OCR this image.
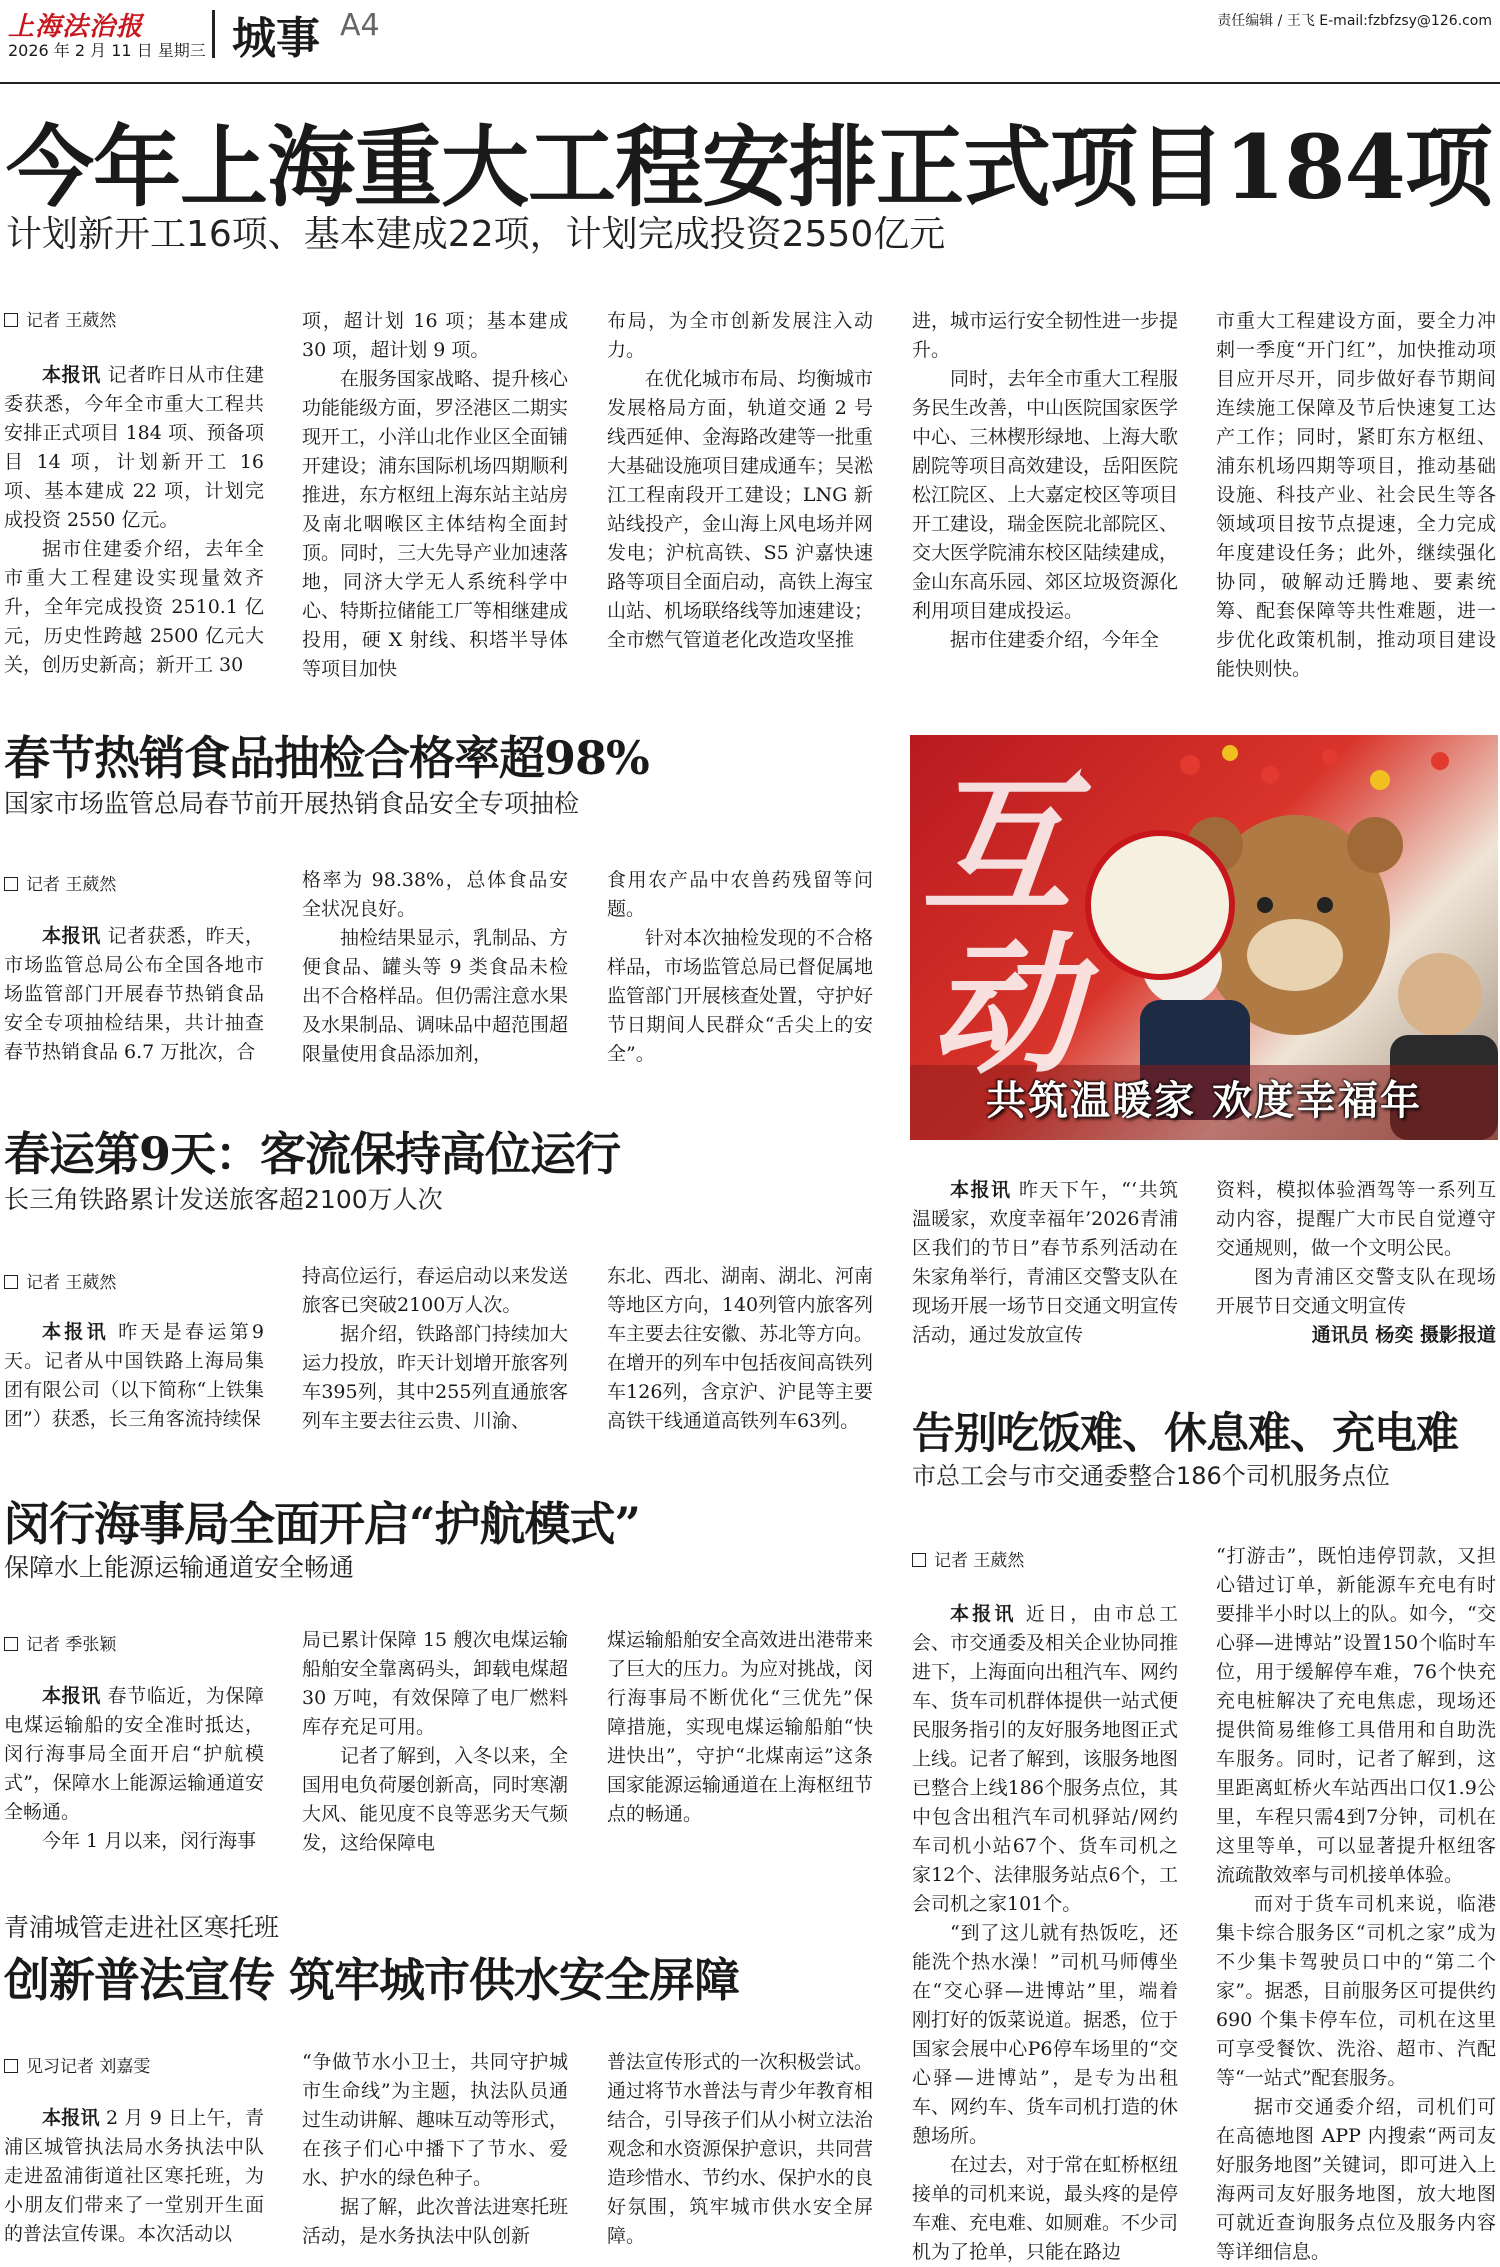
上海法治报
2026 年 2 月 11 日 星期三 城事 A4	责任编辑 / 王飞 E-mail:fzbfzsy@126.com
今年上海重大工程安排正式项目184项
计划新开工16项、基本建成22项，计划完成投资2550亿元
记者 王葳然

本报讯 记者昨日从市住建委获悉，今年全市重大工程共安排正式项目 184 项、预备项目 14 项，计划新开工 16 项、基本建成 22 项，计划完成投资 2550 亿元。

据市住建委介绍，去年全市重大工程建设实现量效齐升，全年完成投资 2510.1 亿元，历史性跨越 2500 亿元大关，创历史新高；新开工 30

项，超计划 16 项；基本建成 30 项，超计划 9 项。

在服务国家战略、提升核心功能能级方面，罗泾港区二期实现开工，小洋山北作业区全面铺开建设；浦东国际机场四期顺利推进，东方枢纽上海东站主站房及南北咽喉区主体结构全面封顶。同时，三大先导产业加速落地，同济大学无人系统科学中心、特斯拉储能工厂等相继建成投用，硬 X 射线、积塔半导体等项目加快

布局，为全市创新发展注入动力。

在优化城市布局、均衡城市发展格局方面，轨道交通 2 号线西延伸、金海路改建等一批重大基础设施项目建成通车；吴淞江工程南段开工建设；LNG 新站线投产，金山海上风电场并网发电；沪杭高铁、S5 沪嘉快速路等项目全面启动，高铁上海宝山站、机场联络线等加速建设；全市燃气管道老化改造攻坚推

进，城市运行安全韧性进一步提升。

同时，去年全市重大工程服务民生改善，中山医院国家医学中心、三林楔形绿地、上海大歌剧院等项目高效建设，岳阳医院松江院区、上大嘉定校区等项目开工建设，瑞金医院北部院区、交大医学院浦东校区陆续建成，金山东高乐园、郊区垃圾资源化利用项目建成投运。

据市住建委介绍，今年全

市重大工程建设方面，要全力冲刺一季度“开门红”，加快推动项目应开尽开，同步做好春节期间连续施工保障及节后快速复工达产工作；同时，紧盯东方枢纽、浦东机场四期等项目，推动基础设施、科技产业、社会民生等各领域项目按节点提速，全力完成年度建设任务；此外，继续强化协同，破解动迁腾地、要素统筹、配套保障等共性难题，进一步优化政策机制，推动项目建设能快则快。

春节热销食品抽检合格率超98%
国家市场监管总局春节前开展热销食品安全专项抽检
记者 王葳然

本报讯 记者获悉，昨天，市场监管总局公布全国各地市场监管部门开展春节热销食品安全专项抽检结果，共计抽查春节热销食品 6.7 万批次，合

格率为 98.38%，总体食品安全状况良好。

抽检结果显示，乳制品、方便食品、罐头等 9 类食品未检出不合格样品。但仍需注意水果及水果制品、调味品中超范围超限量使用食品添加剂，

食用农产品中农兽药残留等问题。

针对本次抽检发现的不合格样品，市场监管总局已督促属地监管部门开展核查处置，守护好节日期间人民群众“舌尖上的安全”。

春运第9天：客流保持高位运行
长三角铁路累计发送旅客超2100万人次
记者 王葳然

本报讯 昨天是春运第9天。记者从中国铁路上海局集团有限公司（以下简称“上铁集团”）获悉，长三角客流持续保

持高位运行，春运启动以来发送旅客已突破2100万人次。

据介绍，铁路部门持续加大运力投放，昨天计划增开旅客列车395列，其中255列直通旅客列车主要去往云贵、川渝、

东北、西北、湖南、湖北、河南等地区方向，140列管内旅客列车主要去往安徽、苏北等方向。在增开的列车中包括夜间高铁列车126列，含京沪、沪昆等主要高铁干线通道高铁列车63列。

闵行海事局全面开启“护航模式”
保障水上能源运输通道安全畅通
记者 季张颖

本报讯 春节临近，为保障电煤运输船的安全准时抵达，闵行海事局全面开启“护航模式”，保障水上能源运输通道安全畅通。

今年 1 月以来，闵行海事

局已累计保障 15 艘次电煤运输船舶安全靠离码头，卸载电煤超 30 万吨，有效保障了电厂燃料库存充足可用。

记者了解到，入冬以来，全国用电负荷屡创新高，同时寒潮大风、能见度不良等恶劣天气频发，这给保障电

煤运输船舶安全高效进出港带来了巨大的压力。为应对挑战，闵行海事局不断优化“三优先”保障措施，实现电煤运输船舶“快进快出”，守护“北煤南运”这条国家能源运输通道在上海枢纽节点的畅通。

青浦城管走进社区寒托班
创新普法宣传 筑牢城市供水安全屏障
见习记者 刘嘉雯

本报讯 2 月 9 日上午，青浦区城管执法局水务执法中队走进盈浦街道社区寒托班，为小朋友们带来了一堂别开生面的普法宣传课。本次活动以

“争做节水小卫士，共同守护城市生命线”为主题，执法队员通过生动讲解、趣味互动等形式，在孩子们心中播下了节水、爱水、护水的绿色种子。

据了解，此次普法进寒托班活动，是水务执法中队创新

普法宣传形式的一次积极尝试。通过将节水普法与青少年教育相结合，引导孩子们从小树立法治观念和水资源保护意识，共同营造珍惜水、节约水、保护水的良好氛围，筑牢城市供水安全屏障。

互
动
共筑温暖家 欢度幸福年

本报讯 昨天下午，“‘共筑温暖家，欢度幸福年’2026青浦区我们的节日”春节系列活动在朱家角举行，青浦区交警支队在现场开展一场节日交通文明宣传活动，通过发放宣传

资料，模拟体验酒驾等一系列互动内容，提醒广大市民自觉遵守交通规则，做一个文明公民。

图为青浦区交警支队在现场开展节日交通文明宣传

通讯员 杨奕 摄影报道

告别吃饭难、休息难、充电难
市总工会与市交通委整合186个司机服务点位
记者 王葳然

本报讯 近日，由市总工会、市交通委及相关企业协同推进下，上海面向出租汽车、网约车、货车司机群体提供一站式便民服务指引的友好服务地图正式上线。记者了解到，该服务地图已整合上线186个服务点位，其中包含出租汽车司机驿站/网约车司机小站67个、货车司机之家12个、法律服务站点6个，工会司机之家101个。

“到了这儿就有热饭吃，还能洗个热水澡！”司机马师傅坐在“交心驿—进博站”里，端着刚打好的饭菜说道。据悉，位于国家会展中心P6停车场里的“交心驿—进博站”，是专为出租车、网约车、货车司机打造的休憩场所。

在过去，对于常在虹桥枢纽接单的司机来说，最头疼的是停车难、充电难、如厕难。不少司机为了抢单，只能在路边

“打游击”，既怕违停罚款，又担心错过订单，新能源车充电有时要排半小时以上的队。如今，“交心驿—进博站”设置150个临时车位，用于缓解停车难，76个快充充电桩解决了充电焦虑，现场还提供简易维修工具借用和自助洗车服务。同时，记者了解到，这里距离虹桥火车站西出口仅1.9公里，车程只需4到7分钟，司机在这里等单，可以显著提升枢纽客流疏散效率与司机接单体验。

而对于货车司机来说，临港集卡综合服务区“司机之家”成为不少集卡驾驶员口中的“第二个家”。据悉，目前服务区可提供约 690 个集卡停车位，司机在这里可享受餐饮、洗浴、超市、汽配等“一站式”配套服务。

据市交通委介绍，司机们可在高德地图 APP 内搜索“两司友好服务地图”关键词，即可进入上海两司友好服务地图，放大地图可就近查询服务点位及服务内容等详细信息。
